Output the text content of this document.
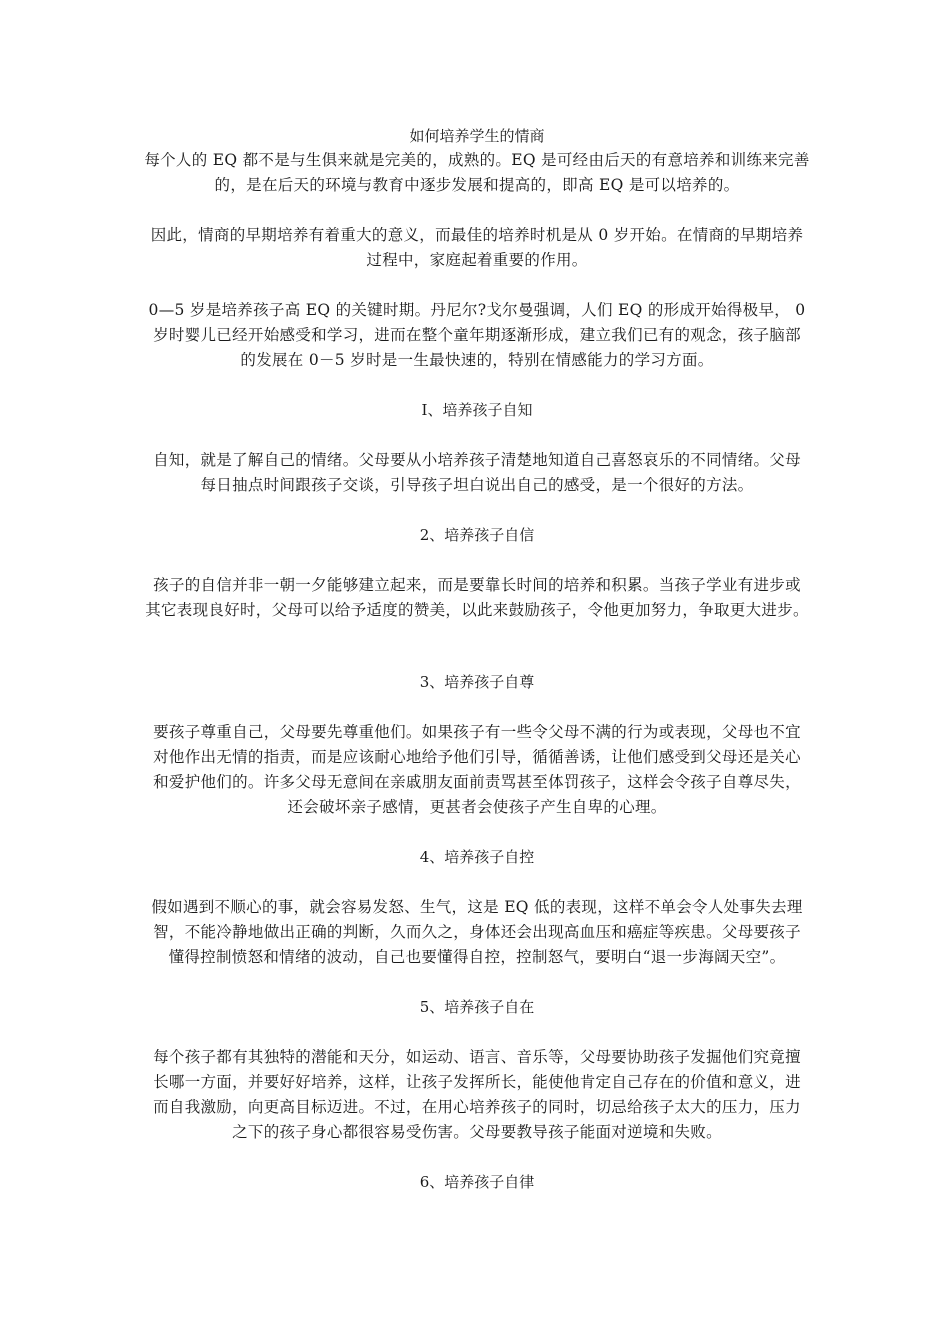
如何培养学生的情商

每个人的 EQ 都不是与生俱来就是完美的，成熟的。EQ 是可经由后天的有意培养和训练来完善
的，是在后天的环境与教育中逐步发展和提高的，即高 EQ 是可以培养的。
因此，情商的早期培养有着重大的意义，而最佳的培养时机是从 0 岁开始。在情商的早期培养
过程中，家庭起着重要的作用。
0—5 岁是培养孩子高 EQ 的关键时期。丹尼尔?戈尔曼强调，人们 EQ 的形成开始得极早， 0
岁时婴儿已经开始感受和学习，进而在整个童年期逐渐形成，建立我们已有的观念，孩子脑部
的发展在 0－5 岁时是一生最快速的，特别在情感能力的学习方面。

I、培养孩子自知

自知，就是了解自己的情绪。父母要从小培养孩子清楚地知道自己喜怒哀乐的不同情绪。父母
每日抽点时间跟孩子交谈，引导孩子坦白说出自己的感受，是一个很好的方法。

2、培养孩子自信

孩子的自信并非一朝一夕能够建立起来，而是要靠长时间的培养和积累。当孩子学业有进步或
其它表现良好时，父母可以给予适度的赞美，以此来鼓励孩子，令他更加努力，争取更大进步。

3、培养孩子自尊

要孩子尊重自己，父母要先尊重他们。如果孩子有一些令父母不满的行为或表现，父母也不宜
对他作出无情的指责，而是应该耐心地给予他们引导，循循善诱，让他们感受到父母还是关心
和爱护他们的。许多父母无意间在亲戚朋友面前责骂甚至体罚孩子，这样会令孩子自尊尽失，
还会破坏亲子感情，更甚者会使孩子产生自卑的心理。

4、培养孩子自控

假如遇到不顺心的事，就会容易发怒、生气，这是 EQ 低的表现，这样不单会令人处事失去理
智，不能冷静地做出正确的判断，久而久之，身体还会出现高血压和癌症等疾患。父母要孩子
懂得控制愤怒和情绪的波动，自己也要懂得自控，控制怒气，要明白“退一步海阔天空”。

5、培养孩子自在

每个孩子都有其独特的潜能和天分，如运动、语言、音乐等，父母要协助孩子发掘他们究竟擅
长哪一方面，并要好好培养，这样，让孩子发挥所长，能使他肯定自己存在的价值和意义，进
而自我激励，向更高目标迈进。不过，在用心培养孩子的同时，切忌给孩子太大的压力，压力
之下的孩子身心都很容易受伤害。父母要教导孩子能面对逆境和失败。

6、培养孩子自律
